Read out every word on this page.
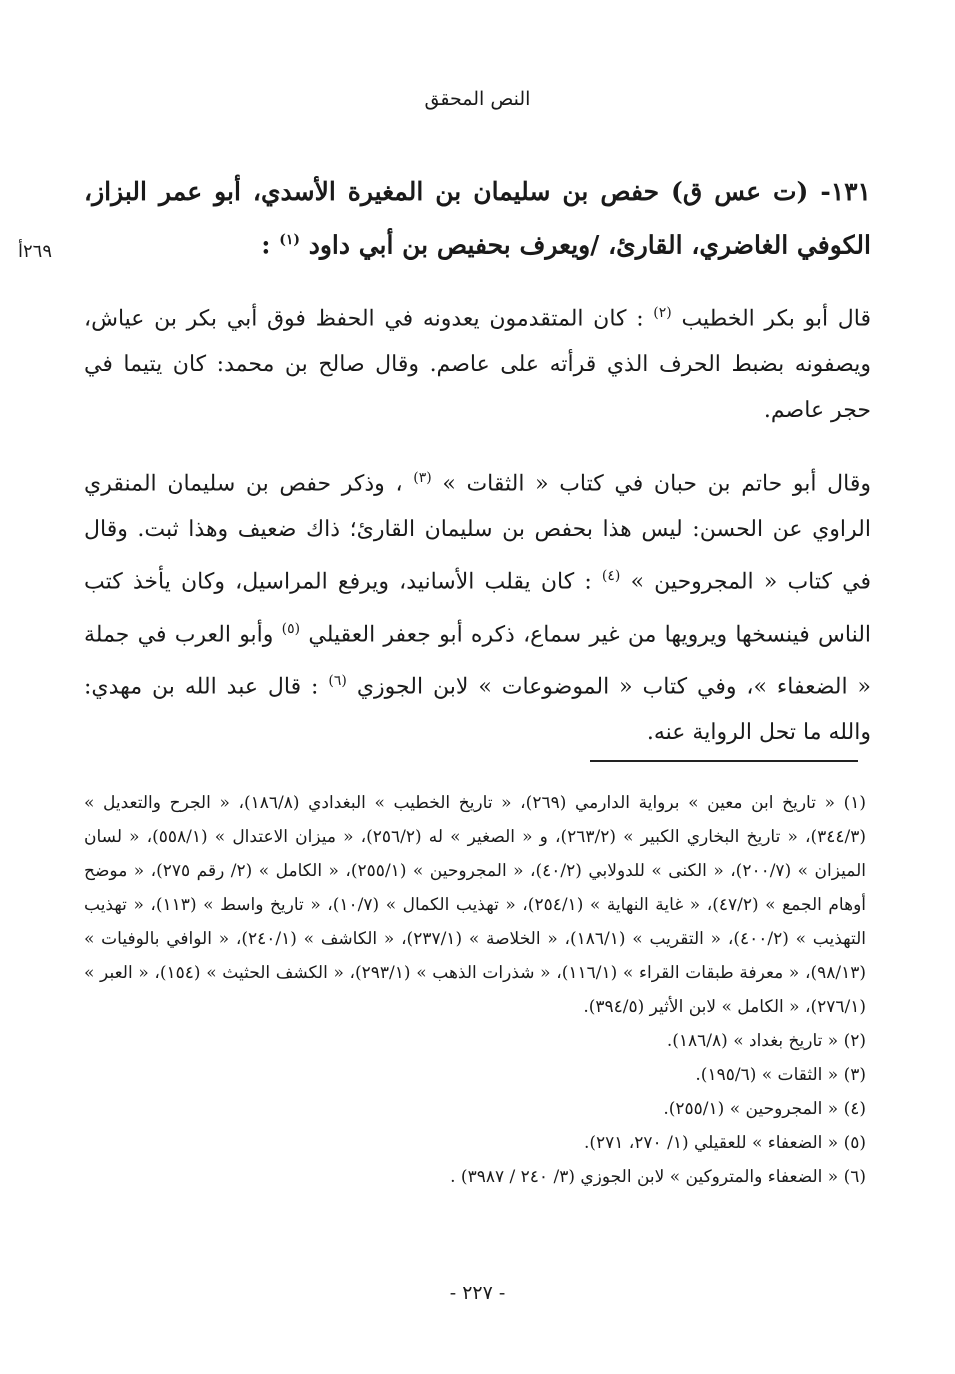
النص المحقق
١٣١- (ت عس ق) حفص بن سليمان بن المغيرة الأسدي، أبو عمر البزاز، الكوفي الغاضري، القارئ، /ويعرف بحفيص بن أبي داود $^{(١)}$ :
٢٦٩أ
قال أبو بكر الخطيب $^{(٢)}$ : كان المتقدمون يعدونه في الحفظ فوق أبي بكر بن عياش، ويصفونه بضبط الحرف الذي قرأته على عاصم. وقال صالح بن محمد: كان يتيما في حجر عاصم.
وقال أبو حاتم بن حبان في كتاب « الثقات » $^{(٣)}$ ، وذكر حفص بن سليمان المنقري الراوي عن الحسن: ليس هذا بحفص بن سليمان القارئ؛ ذاك ضعيف وهذا ثبت. وقال في كتاب « المجروحين » $^{(٤)}$ : كان يقلب الأسانيد، ويرفع المراسيل، وكان يأخذ كتب الناس فينسخها ويرويها من غير سماع، ذكره أبو جعفر العقيلي $^{(٥)}$ وأبو العرب في جملة « الضعفاء »، وفي كتاب « الموضوعات » لابن الجوزي $^{(٦)}$ : قال عبد الله بن مهدي: والله ما تحل الرواية عنه.
(١) « تاريخ ابن معين » برواية الدارمي (٢٦٩)، « تاريخ الخطيب » البغدادي (١٨٦/٨)، « الجرح والتعديل » (٣٤٤/٣)، « تاريخ البخاري الكبير » (٢٦٣/٢)، و « الصغير » له (٢٥٦/٢)، « ميزان الاعتدال » (٥٥٨/١)، « لسان الميزان » (٢٠٠/٧)، « الكنى » للدولابي (٤٠/٢)، « المجروحين » (٢٥٥/١)، « الكامل » (٢/ رقم ٢٧٥)، « موضح أوهام الجمع » (٤٧/٢)، « غاية النهاية » (٢٥٤/١)، « تهذيب الكمال » (١٠/٧)، « تاريخ واسط » (١١٣)، « تهذيب التهذيب » (٤٠٠/٢)، « التقريب » (١٨٦/١)، « الخلاصة » (٢٣٧/١)، « الكاشف » (٢٤٠/١)، « الوافي بالوفيات » (٩٨/١٣)، « معرفة طبقات القراء » (١١٦/١)، « شذرات الذهب » (٢٩٣/١)، « الكشف الحثيث » (١٥٤)، « العبر » (٢٧٦/١)، « الكامل » لابن الأثير (٣٩٤/٥).
(٢) « تاريخ بغداد » (١٨٦/٨).
(٣) « الثقات » (١٩٥/٦).
(٤) « المجروحين » (٢٥٥/١).
(٥) « الضعفاء » للعقيلي (١/ ٢٧٠، ٢٧١).
(٦) « الضعفاء والمتروكين » لابن الجوزي (٣/ ٢٤٠ / ٣٩٨٧) .
- ٢٢٧ -
